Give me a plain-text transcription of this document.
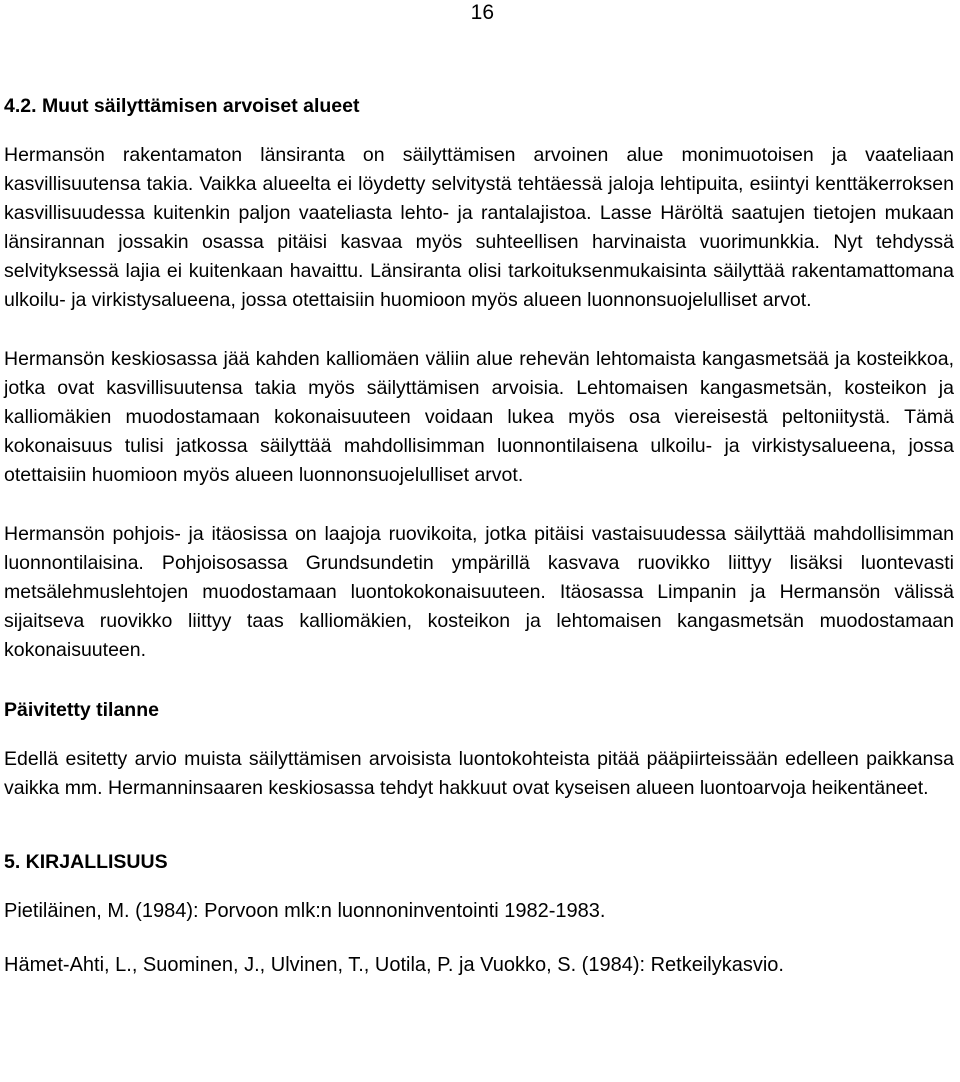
16
4.2. Muut säilyttämisen arvoiset alueet

Hermansön rakentamaton länsiranta on säilyttämisen arvoinen alue monimuotoisen ja vaateliaan kasvillisuutensa takia. Vaikka alueelta ei löydetty selvitystä tehtäessä jaloja lehtipuita, esiintyi kenttäkerroksen kasvillisuudessa kuitenkin paljon vaateliasta lehto- ja rantalajistoa. Lasse Häröltä saatujen tietojen mukaan länsirannan jossakin osassa pitäisi kasvaa myös suhteellisen harvinaista vuorimunkkia. Nyt tehdyssä selvityksessä lajia ei kuitenkaan havaittu. Länsiranta olisi tarkoituksenmukaisinta säilyttää rakentamattomana ulkoilu- ja virkistysalueena, jossa otettaisiin huomioon myös alueen luonnonsuojelulliset arvot.

Hermansön keskiosassa jää kahden kalliomäen väliin alue rehevän lehtomaista kangasmetsää ja kosteikkoa, jotka ovat kasvillisuutensa takia myös säilyttämisen arvoisia. Lehtomaisen kangasmetsän, kosteikon ja kalliomäkien muodostamaan kokonaisuuteen voidaan lukea myös osa viereisestä peltoniitystä. Tämä kokonaisuus tulisi jatkossa säilyttää mahdollisimman luonnontilaisena ulkoilu- ja virkistysalueena, jossa otettaisiin huomioon myös alueen luonnonsuojelulliset arvot.

Hermansön pohjois- ja itäosissa on laajoja ruovikoita, jotka pitäisi vastaisuudessa säilyttää mahdollisimman luonnontilaisina. Pohjoisosassa Grundsundetin ympärillä kasvava ruovikko liittyy lisäksi luontevasti metsälehmuslehtojen muodostamaan luontokokonaisuuteen. Itäosassa Limpanin ja Hermansön välissä sijaitseva ruovikko liittyy taas kalliomäkien, kosteikon ja lehtomaisen kangasmetsän muodostamaan kokonaisuuteen.

Päivitetty tilanne

Edellä esitetty arvio muista säilyttämisen arvoisista luontokohteista pitää pääpiirteissään edelleen paikkansa vaikka mm. Hermanninsaaren keskiosassa tehdyt hakkuut ovat kyseisen alueen luontoarvoja heikentäneet.

5. KIRJALLISUUS

Pietiläinen, M. (1984): Porvoon mlk:n luonnoninventointi 1982-1983.

Hämet-Ahti, L., Suominen, J., Ulvinen, T., Uotila, P. ja Vuokko, S. (1984): Retkeilykasvio.
